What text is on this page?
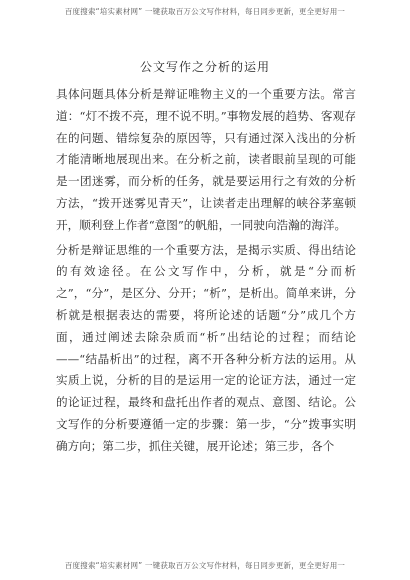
百度搜索“培实素材网” 一键获取百万公文写作材料，每日同步更新，更全更好用一
公文写作之分析的运用

具体问题具体分析是辩证唯物主义的一个重要方法。常言道：“灯不拨不亮，理不说不明。”事物发展的趋势、客观存在的问题、错综复杂的原因等，只有通过深入浅出的分析才能清晰地展现出来。在分析之前，读者眼前呈现的可能是一团迷雾，而分析的任务，就是要运用行之有效的分析方法，“拨开迷雾见青天”，让读者走出理解的峡谷茅塞顿开，顺利登上作者“意图”的帆船，一同驶向浩瀚的海洋。

分析是辩证思维的一个重要方法，是揭示实质、得出结论的有效途径。在公文写作中，分析，就是“分而析之”，“分”，是区分、分开；“析”，是析出。简单来讲，分析就是根据表达的需要，将所论述的话题“分”成几个方面，通过阐述去除杂质而“析”出结论的过程；而结论——“结晶析出”的过程，离不开各种分析方法的运用。从实质上说，分析的目的是运用一定的论证方法，通过一定的论证过程，最终和盘托出作者的观点、意图、结论。公文写作的分析要遵循一定的步骤：第一步，“分”拨事实明确方向；第二步，抓住关键，展开论述；第三步，各个

百度搜索“培实素材网” 一键获取百万公文写作材料，每日同步更新，更全更好用一
